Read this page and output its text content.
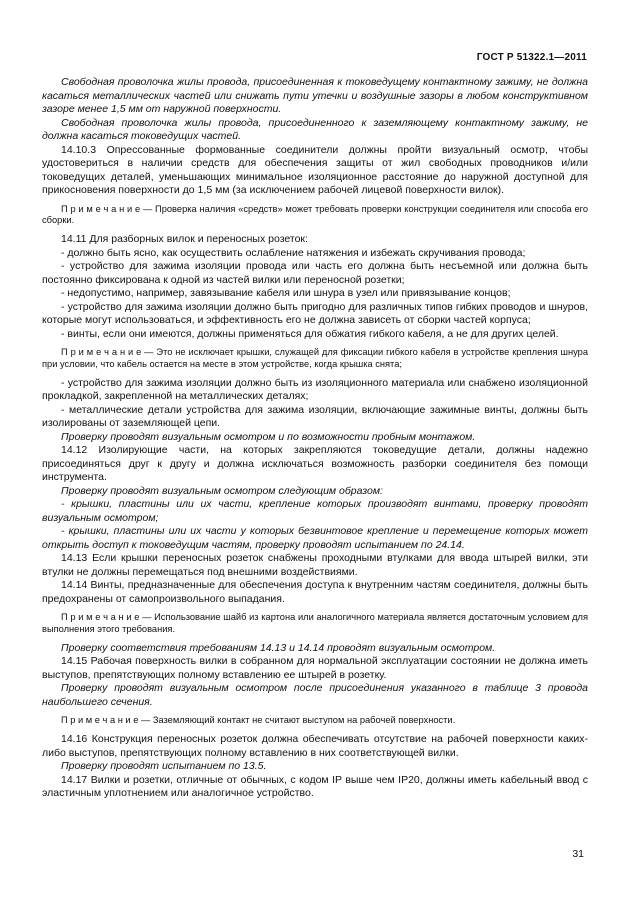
ГОСТ Р 51322.1—2011

Свободная проволочка жилы провода, присоединенная к токоведущему контактному зажиму, не должна касаться металлических частей или снижать пути утечки и воздушные зазоры в любом конструктивном зазоре менее 1,5 мм от наружной поверхности.

Свободная проволочка жилы провода, присоединенного к заземляющему контактному зажиму, не должна касаться токоведущих частей.

14.10.3 Опрессованные формованные соединители должны пройти визуальный осмотр, чтобы удостовериться в наличии средств для обеспечения защиты от жил свободных проводников и/или токоведущих деталей, уменьшающих минимальное изоляционное расстояние до наружной доступной для прикосновения поверхности до 1,5 мм (за исключением рабочей лицевой поверхности вилок).

П р и м е ч а н и е — Проверка наличия «средств» может требовать проверки конструкции соединителя или способа его сборки.

14.11 Для разборных вилок и переносных розеток:

- должно быть ясно, как осуществить ослабление натяжения и избежать скручивания провода;

- устройство для зажима изоляции провода или часть его должна быть несъемной или должна быть постоянно фиксирована к одной из частей вилки или переносной розетки;

- недопустимо, например, завязывание кабеля или шнура в узел или привязывание концов;

- устройство для зажима изоляции должно быть пригодно для различных типов гибких проводов и шнуров, которые могут использоваться, и эффективность его не должна зависеть от сборки частей корпуса;

- винты, если они имеются, должны применяться для обжатия гибкого кабеля, а не для других целей.

П р и м е ч а н и е — Это не исключает крышки, служащей для фиксации гибкого кабеля в устройстве крепления шнура при условии, что кабель остается на месте в этом устройстве, когда крышка снята;

- устройство для зажима изоляции должно быть из изоляционного материала или снабжено изоляционной прокладкой, закрепленной на металлических деталях;

- металлические детали устройства для зажима изоляции, включающие зажимные винты, должны быть изолированы от заземляющей цепи.

Проверку проводят визуальным осмотром и по возможности пробным монтажом.

14.12 Изолирующие части, на которых закрепляются токоведущие детали, должны надежно присоединяться друг к другу и должна исключаться возможность разборки соединителя без помощи инструмента.

Проверку проводят визуальным осмотром следующим образом:

- крышки, пластины или их части, крепление которых производят винтами, проверку проводят визуальным осмотром;

- крышки, пластины или их части у которых безвинтовое крепление и перемещение которых может открыть доступ к токоведущим частям, проверку проводят испытанием по 24.14.

14.13 Если крышки переносных розеток снабжены проходными втулками для ввода штырей вилки, эти втулки не должны перемещаться под внешними воздействиями.

14.14 Винты, предназначенные для обеспечения доступа к внутренним частям соединителя, должны быть предохранены от самопроизвольного выпадания.

П р и м е ч а н и е — Использование шайб из картона или аналогичного материала является достаточным условием для выполнения этого требования.

Проверку соответствия требованиям 14.13 и 14.14 проводят визуальным осмотром.

14.15 Рабочая поверхность вилки в собранном для нормальной эксплуатации состоянии не должна иметь выступов, препятствующих полному вставлению ее штырей в розетку.

Проверку проводят визуальным осмотром после присоединения указанного в таблице 3 провода наибольшего сечения.

П р и м е ч а н и е — Заземляющий контакт не считают выступом на рабочей поверхности.

14.16 Конструкция переносных розеток должна обеспечивать отсутствие на рабочей поверхности каких-либо выступов, препятствующих полному вставлению в них соответствующей вилки.

Проверку проводят испытанием по 13.5.

14.17 Вилки и розетки, отличные от обычных, с кодом IP выше чем IP20, должны иметь кабельный ввод с эластичным уплотнением или аналогичное устройство.

31
